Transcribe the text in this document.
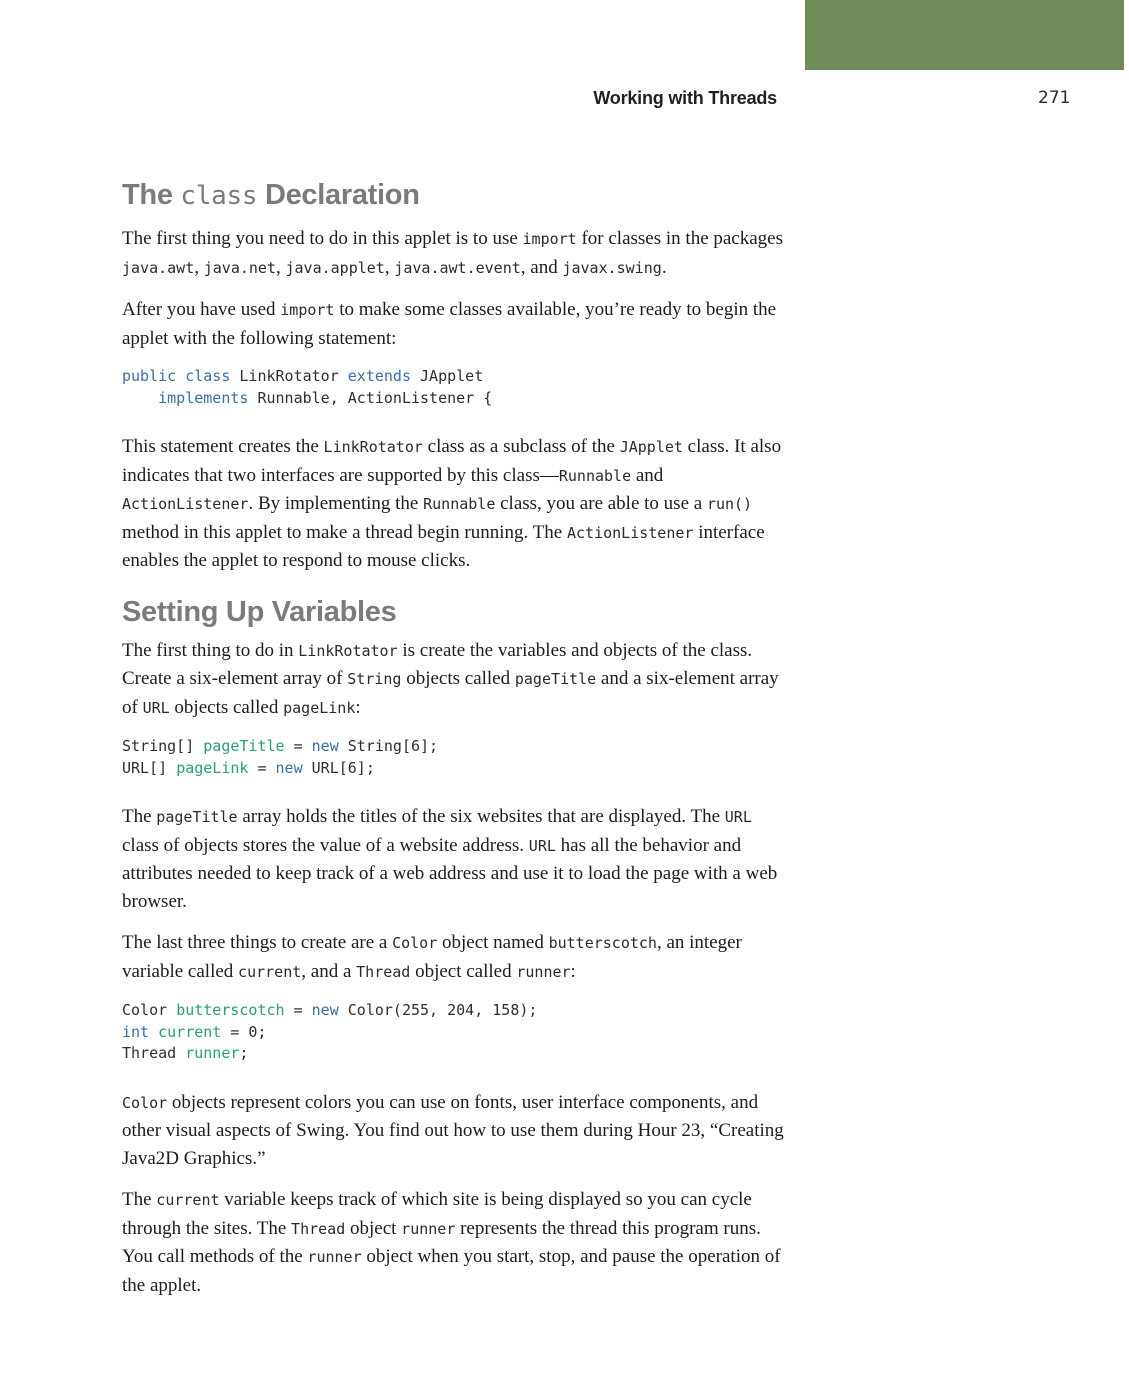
Working with Threads	271
The class Declaration

The first thing you need to do in this applet is to use import for classes in the packages java.awt, java.net, java.applet, java.awt.event, and javax.swing.

After you have used import to make some classes available, you’re ready to begin the applet with the following statement:

public class LinkRotator extends JApplet
implements Runnable, ActionListener {

This statement creates the LinkRotator class as a subclass of the JApplet class. It also indicates that two interfaces are supported by this class—Runnable and ActionListener. By implementing the Runnable class, you are able to use a run() method in this applet to make a thread begin running. The ActionListener interface enables the applet to respond to mouse clicks.

Setting Up Variables

The first thing to do in LinkRotator is create the variables and objects of the class. Create a six-element array of String objects called pageTitle and a six-element array of URL objects called pageLink:

String[] pageTitle = new String[6];
URL[] pageLink = new URL[6];

The pageTitle array holds the titles of the six websites that are displayed. The URL class of objects stores the value of a website address. URL has all the behavior and attributes needed to keep track of a web address and use it to load the page with a web browser.

The last three things to create are a Color object named butterscotch, an integer variable called current, and a Thread object called runner:

Color butterscotch = new Color(255, 204, 158);
int current = 0;
Thread runner;

Color objects represent colors you can use on fonts, user interface components, and other visual aspects of Swing. You find out how to use them during Hour 23, “Creating Java2D Graphics.”

The current variable keeps track of which site is being displayed so you can cycle through the sites. The Thread object runner represents the thread this program runs. You call methods of the runner object when you start, stop, and pause the operation of the applet.
